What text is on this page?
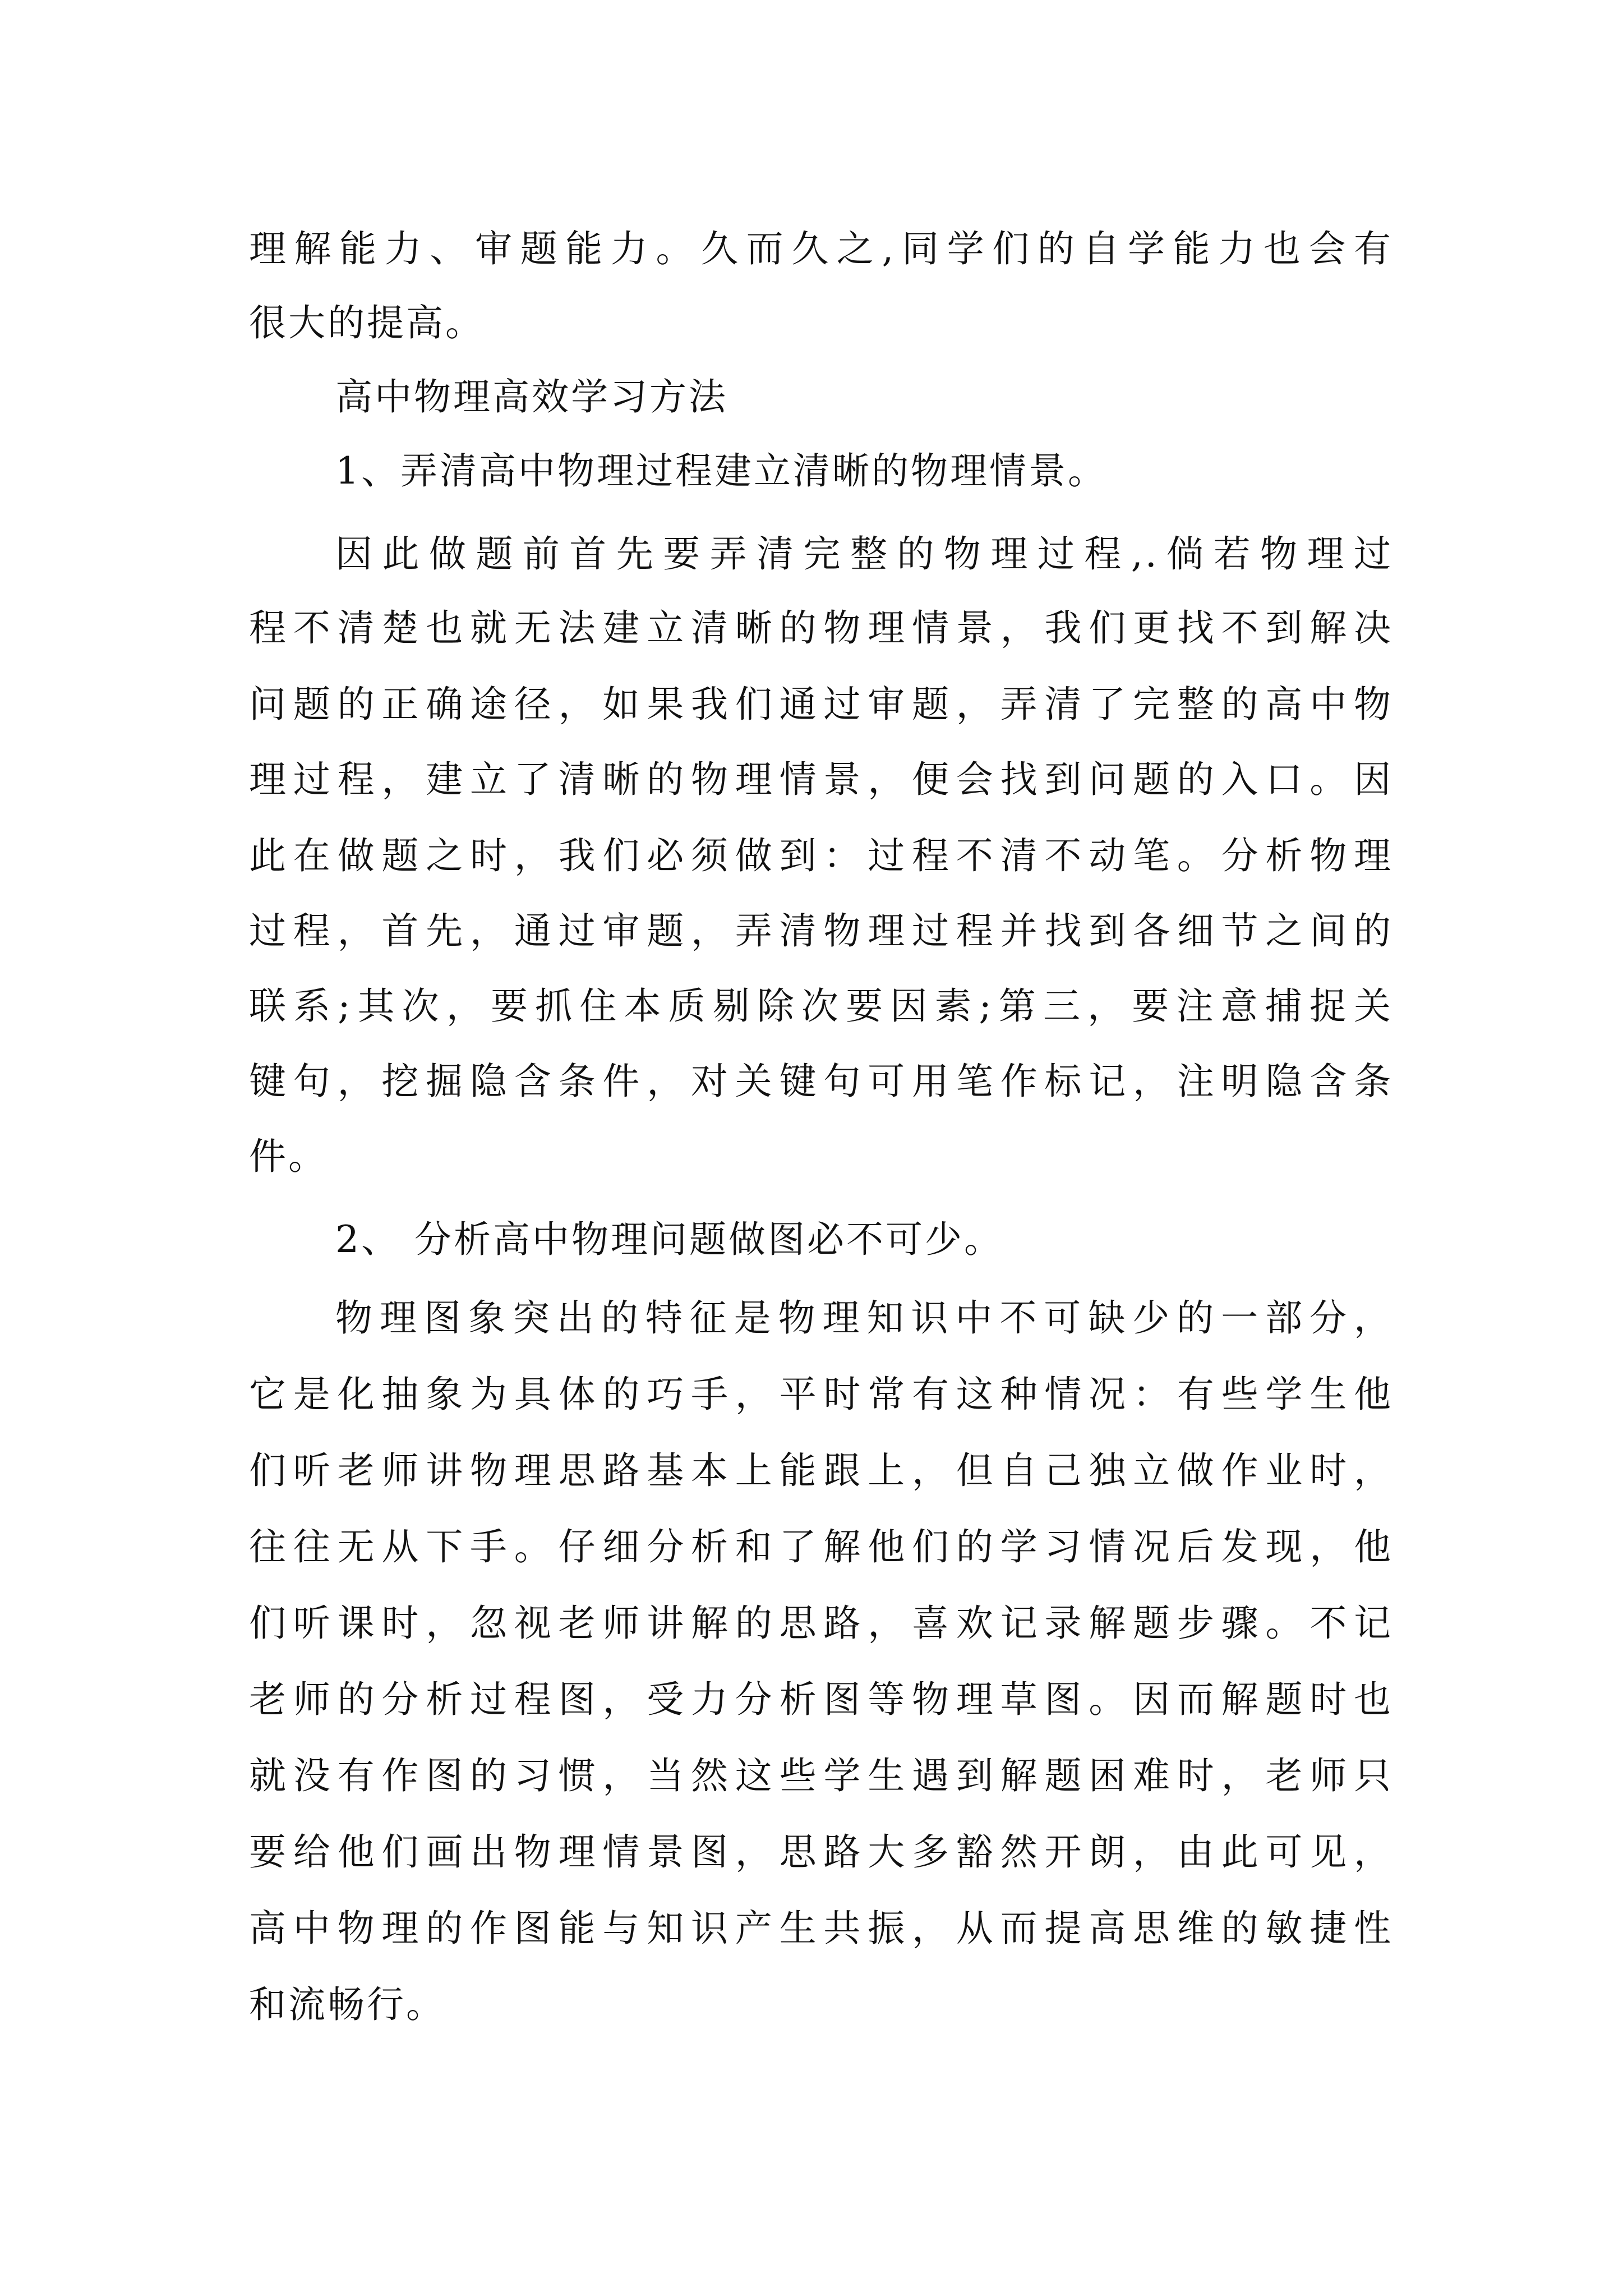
理解能力、审题能力。久而久之,同学们的自学能力也会有
很大的提高。
高中物理高效学习方法
1、弄清高中物理过程建立清晰的物理情景。
因此做题前首先要弄清完整的物理过程,.倘若物理过
程不清楚也就无法建立清晰的物理情景，我们更找不到解决
问题的正确途径，如果我们通过审题，弄清了完整的高中物
理过程，建立了清晰的物理情景，便会找到问题的入口。因
此在做题之时，我们必须做到：过程不清不动笔。分析物理
过程，首先，通过审题，弄清物理过程并找到各细节之间的
联系;其次，要抓住本质剔除次要因素;第三，要注意捕捉关
键句，挖掘隐含条件，对关键句可用笔作标记，注明隐含条
件。
2、 分析高中物理问题做图必不可少。
物理图象突出的特征是物理知识中不可缺少的一部分，
它是化抽象为具体的巧手，平时常有这种情况：有些学生他
们听老师讲物理思路基本上能跟上，但自己独立做作业时，
往往无从下手。仔细分析和了解他们的学习情况后发现，他
们听课时，忽视老师讲解的思路，喜欢记录解题步骤。不记
老师的分析过程图，受力分析图等物理草图。因而解题时也
就没有作图的习惯，当然这些学生遇到解题困难时，老师只
要给他们画出物理情景图，思路大多豁然开朗，由此可见，
高中物理的作图能与知识产生共振，从而提高思维的敏捷性
和流畅行。
